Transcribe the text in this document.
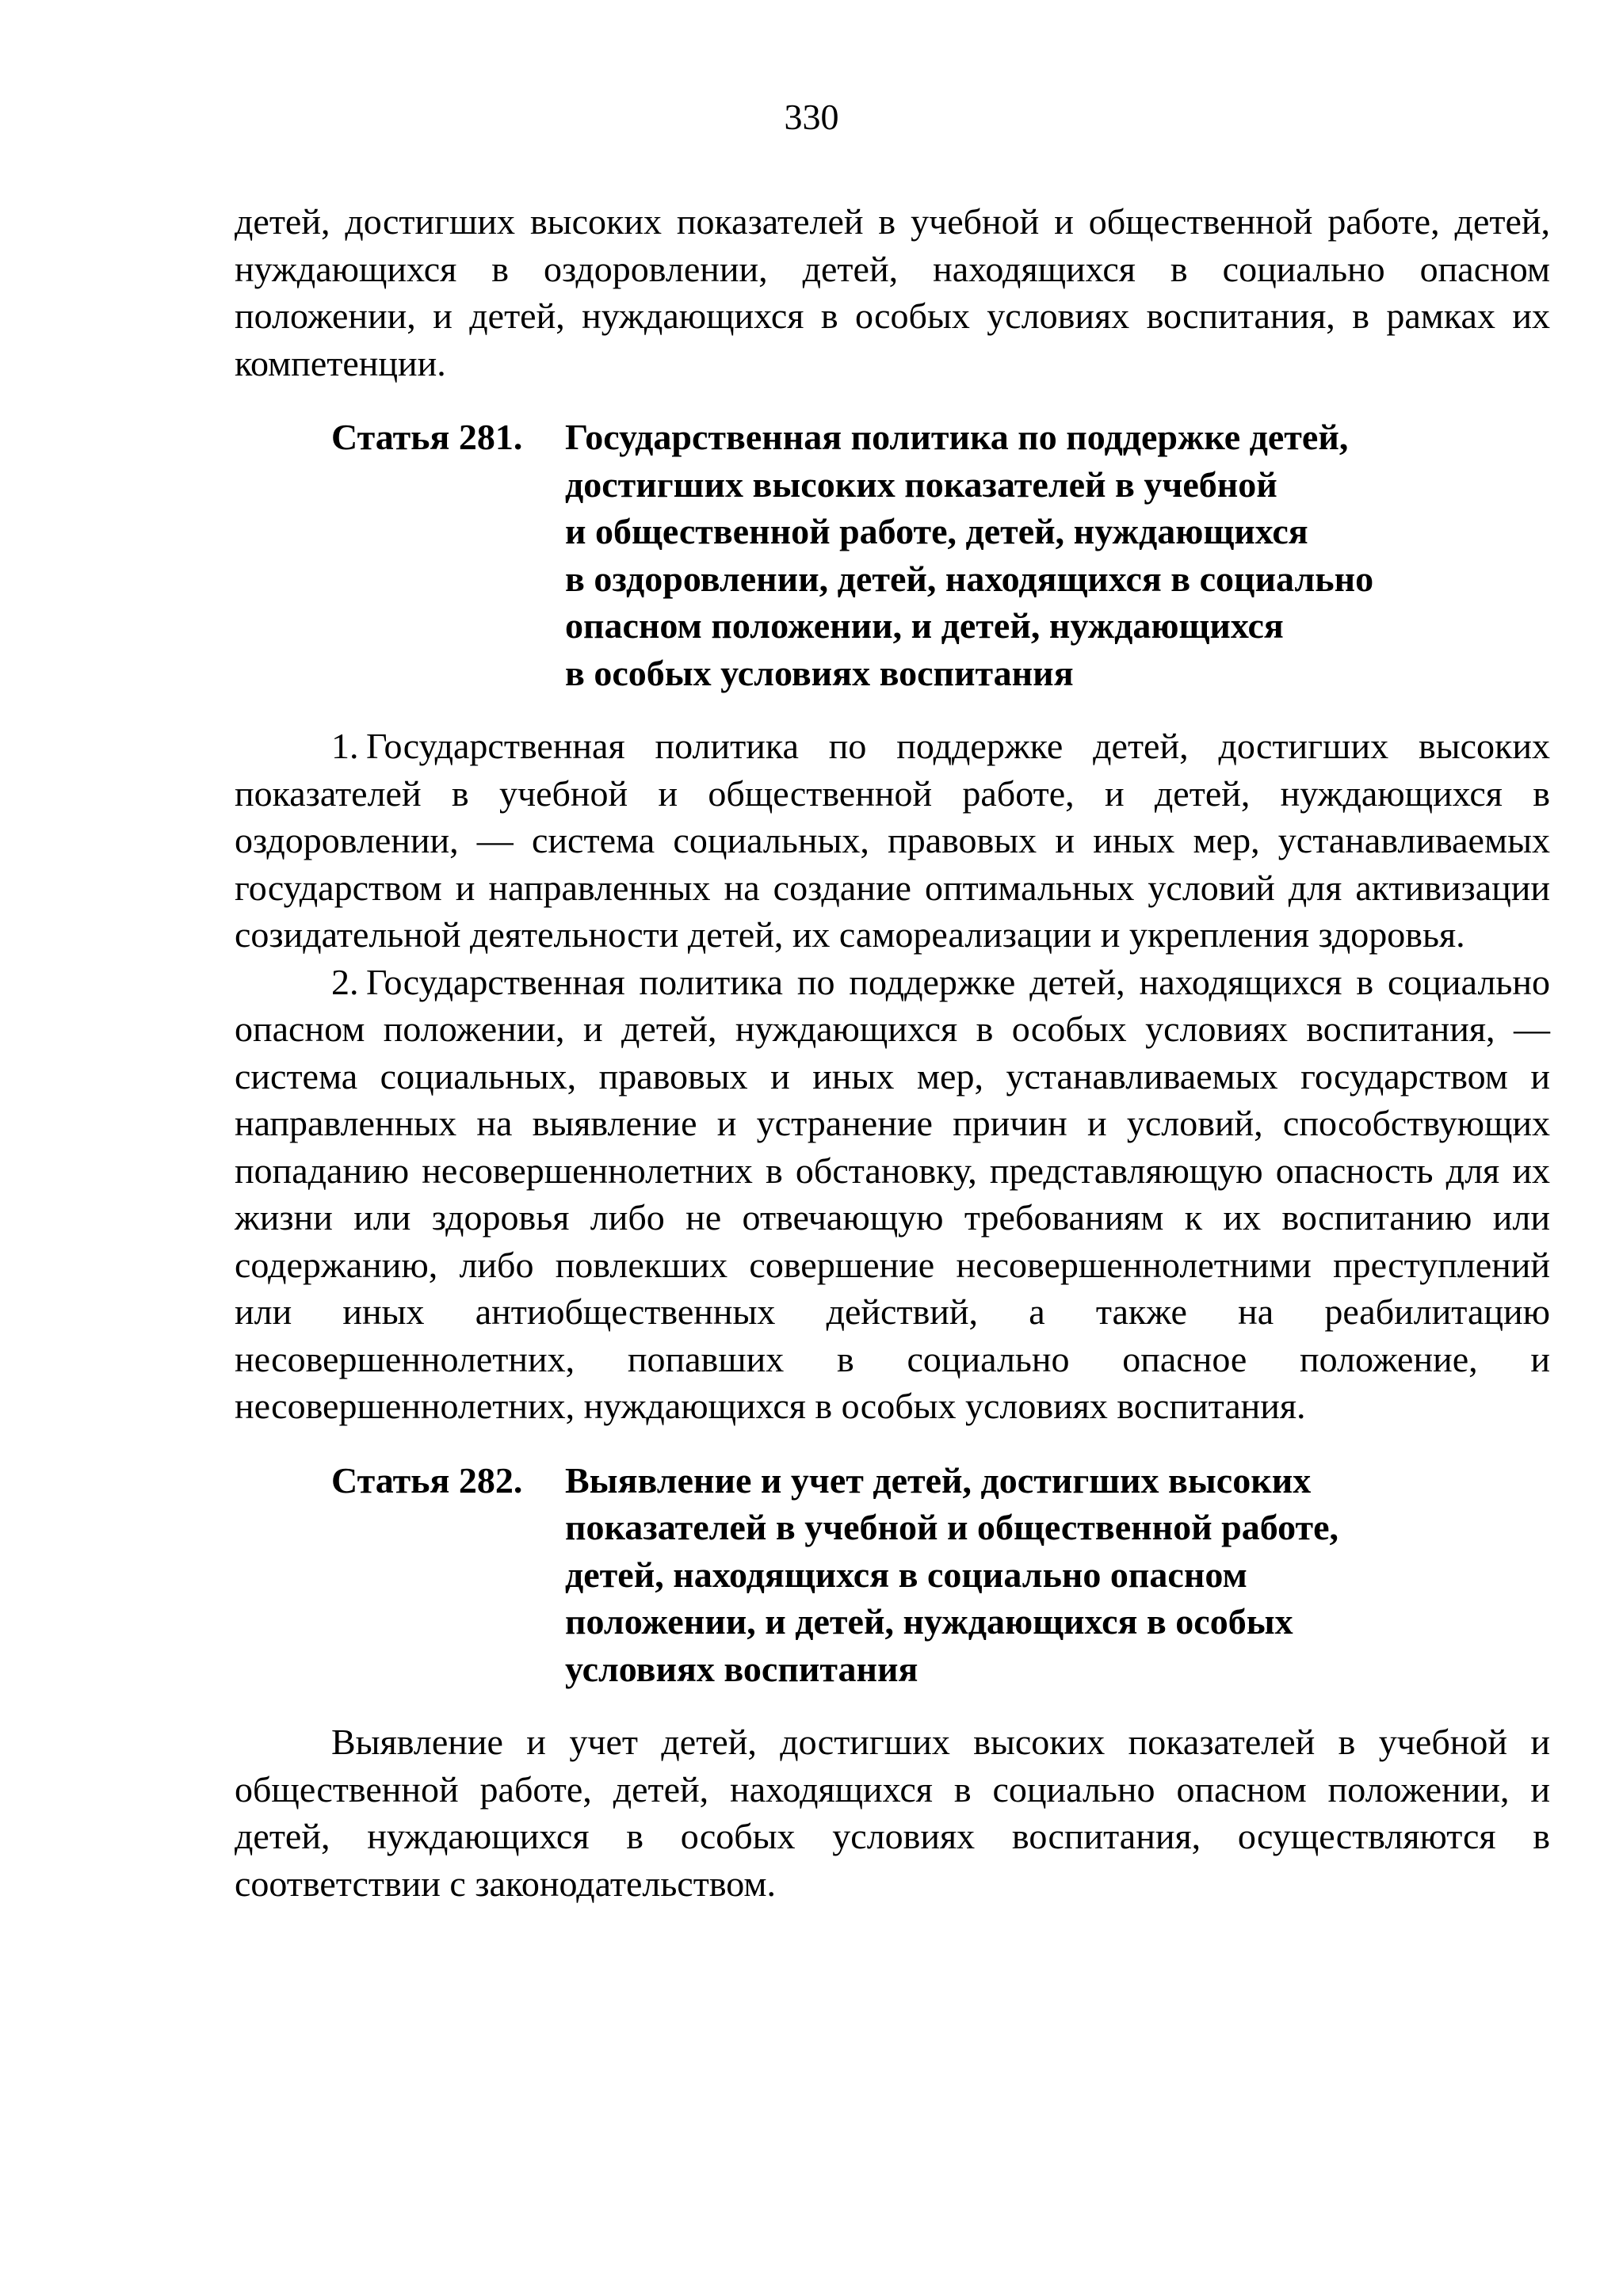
330

детей, достигших высоких показателей в учебной и общественной работе, детей, нуждающихся в оздоровлении, детей, находящихся в социально опасном положении, и детей, нуждающихся в особых условиях воспитания, в рамках их компетенции.

Статья 281.	Государственная политика по поддержке детей,
достигших высоких показателей в учебной
и общественной работе, детей, нуждающихся
в оздоровлении, детей, находящихся в социально
опасном положении, и детей, нуждающихся
в особых условиях воспитания

1. Государственная политика по поддержке детей, достигших высоких показателей в учебной и общественной работе, и детей, нуждающихся в оздоровлении, — система социальных, правовых и иных мер, устанавливаемых государством и направленных на создание оптимальных условий для активизации созидательной деятельности детей, их самореализации и укрепления здоровья.

2. Государственная политика по поддержке детей, находящихся в социально опасном положении, и детей, нуждающихся в особых условиях воспитания, — система социальных, правовых и иных мер, устанавливаемых государством и направленных на выявление и устранение причин и условий, способствующих попаданию несовершеннолетних в обстановку, представляющую опасность для их жизни или здоровья либо не отвечающую требованиям к их воспитанию или содержанию, либо повлекших совершение несовершеннолетними преступлений или иных антиобщественных действий, а также на реабилитацию несовершеннолетних, попавших в социально опасное положение, и несовершеннолетних, нуждающихся в особых условиях воспитания.

Статья 282.	Выявление и учет детей, достигших высоких
показателей в учебной и общественной работе,
детей, находящихся в социально опасном
положении, и детей, нуждающихся в особых
условиях воспитания

Выявление и учет детей, достигших высоких показателей в учебной и общественной работе, детей, находящихся в социально опасном положении, и детей, нуждающихся в особых условиях воспитания, осуществляются в соответствии с законодательством.
